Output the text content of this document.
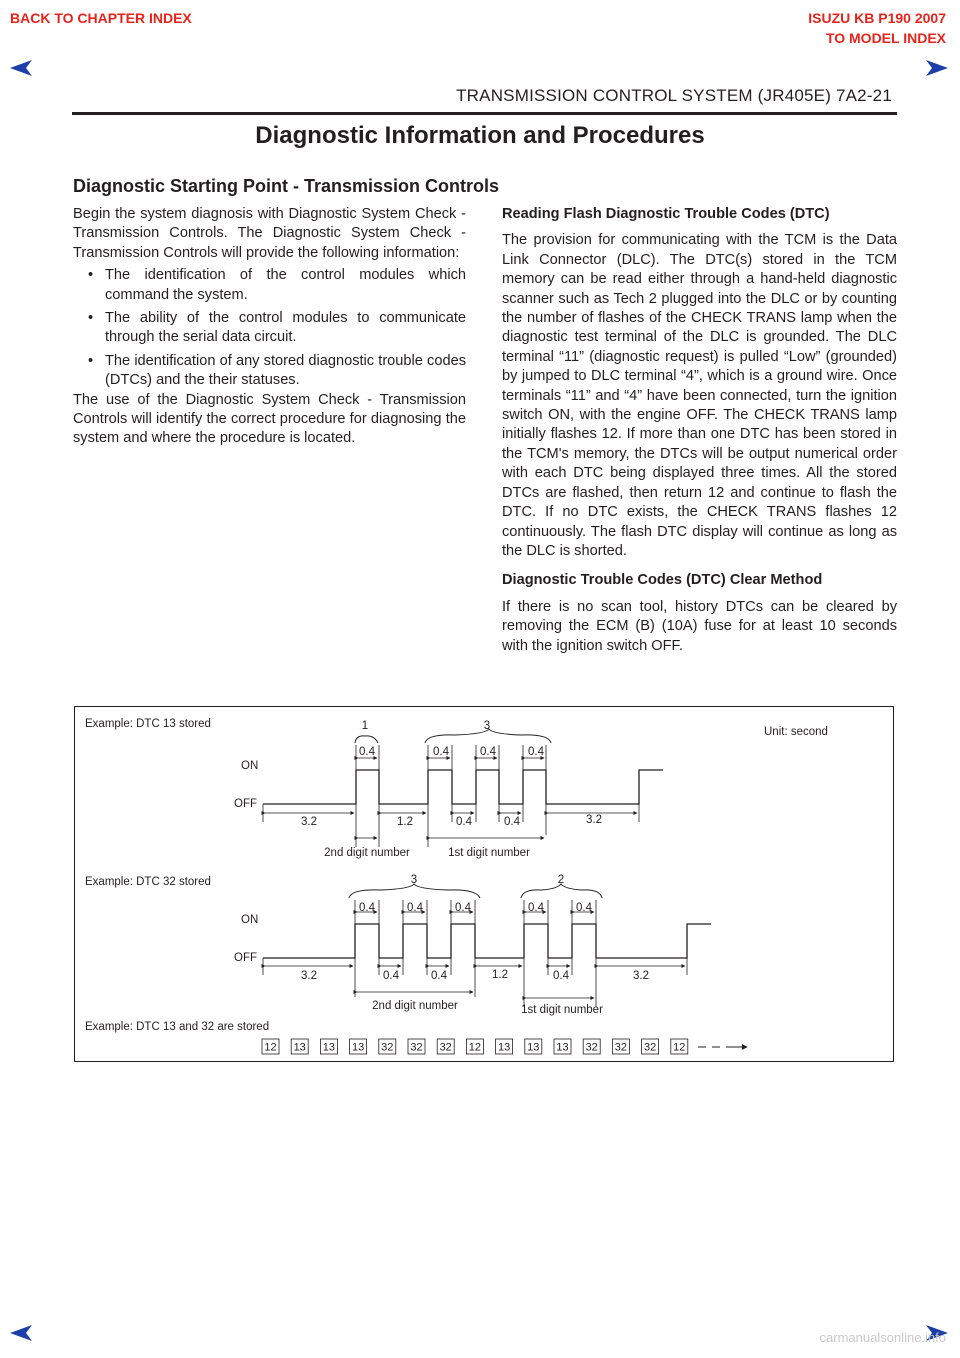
BACK TO CHAPTER INDEX	ISUZU KB P190 2007
TO MODEL INDEX
TRANSMISSION CONTROL SYSTEM (JR405E) 7A2-21
Diagnostic Information and Procedures
Diagnostic Starting Point - Transmission Controls

Begin the system diagnosis with Diagnostic System Check - Transmission Controls. The Diagnostic System Check - Transmission Controls will provide the following information:

• The identification of the control modules which command the system.
• The ability of the control modules to communicate through the serial data circuit.
• The identification of any stored diagnostic trouble codes (DTCs) and the their statuses.

The use of the Diagnostic System Check - Transmission Controls will identify the correct procedure for diagnosing the system and where the procedure is located.

Reading Flash Diagnostic Trouble Codes (DTC)

The provision for communicating with the TCM is the Data Link Connector (DLC). The DTC(s) stored in the TCM memory can be read either through a hand-held diagnostic scanner such as Tech 2 plugged into the DLC or by counting the number of flashes of the CHECK TRANS lamp when the diagnostic test terminal of the DLC is grounded. The DLC terminal “11” (diagnostic request) is pulled “Low” (grounded) by jumped to DLC terminal “4”, which is a ground wire. Once terminals “11” and “4” have been connected, turn the ignition switch ON, with the engine OFF. The CHECK TRANS lamp initially flashes 12. If more than one DTC has been stored in the TCM's memory, the DTCs will be output numerical order with each DTC being displayed three times. All the stored DTCs are flashed, then return 12 and continue to flash the DTC. If no DTC exists, the CHECK TRANS flashes 12 continuously. The flash DTC display will continue as long as the DLC is shorted.

Diagnostic Trouble Codes (DTC) Clear Method

If there is no scan tool, history DTCs can be cleared by removing the ECM (B) (10A) fuse for at least 10 seconds with the ignition switch OFF.

Example: DTC 13 stored
Unit: second
ON
OFF
1	3
0.4	0.4	0.4	0.4
3.2	1.2	0.4	0.4	3.2
2nd digit number	1st digit number
Example: DTC 32 stored
ON
OFF
3	2
0.4	0.4	0.4	0.4	0.4
3.2	0.4	0.4	1.2	0.4	3.2
2nd digit number	1st digit number
Example: DTC 13 and 32 are stored
12 13 13 13 32 32 32 12 13 13 13 32 32 32 12
carmanualsonline.info
